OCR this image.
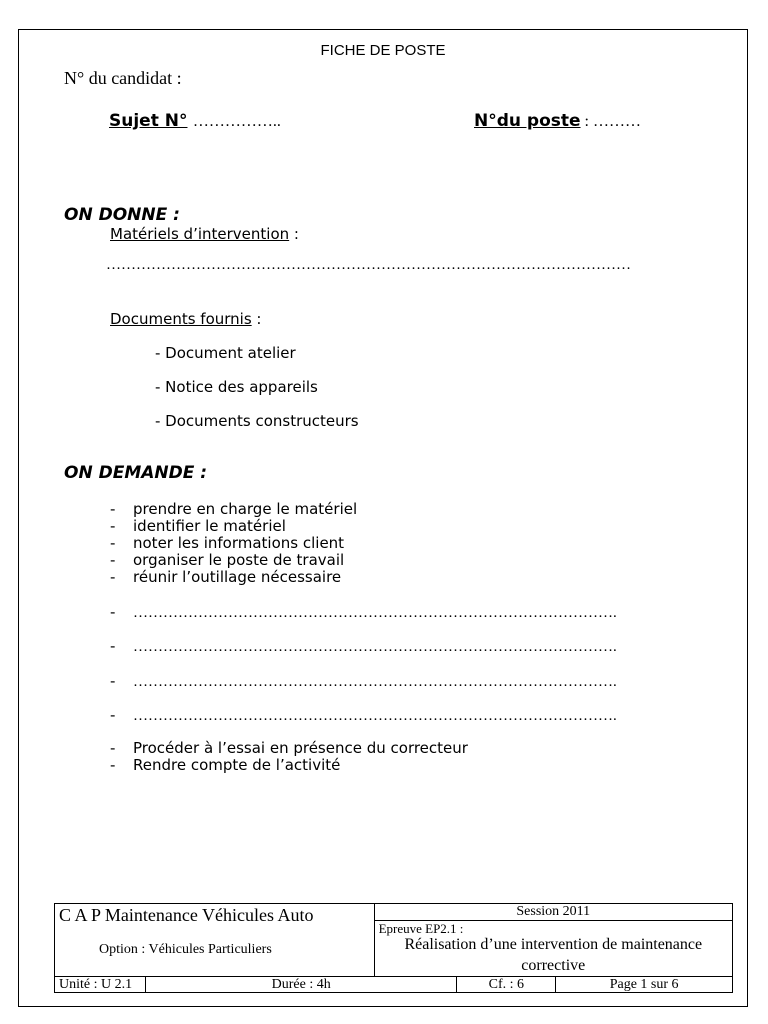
FICHE DE POSTE
N° du candidat :
Sujet N° ……………..	N°du poste : ………
ON DONNE :
Matériels d’intervention :
……………………………………………………………………………………………
Documents fournis :
- Document atelier
- Notice des appareils
- Documents constructeurs
ON DEMANDE :
- prendre en charge le matériel
- identifier le matériel
- noter les informations client
- organiser le poste de travail
- réunir l’outillage nécessaire
- …………………………………………………………………………………….
- …………………………………………………………………………………….
- …………………………………………………………………………………….
- …………………………………………………………………………………….
- Procéder à l’essai en présence du correcteur
- Rendre compte de l’activité
C A P Maintenance Véhicules Auto
Option : Véhicules Particuliers		Session 2011		

		Epreuve EP2.1 :
Réalisation d’une intervention de maintenance
corrective		

Unité : U 2.1	Durée : 4h		Cf. : 6	Page 1 sur 6
